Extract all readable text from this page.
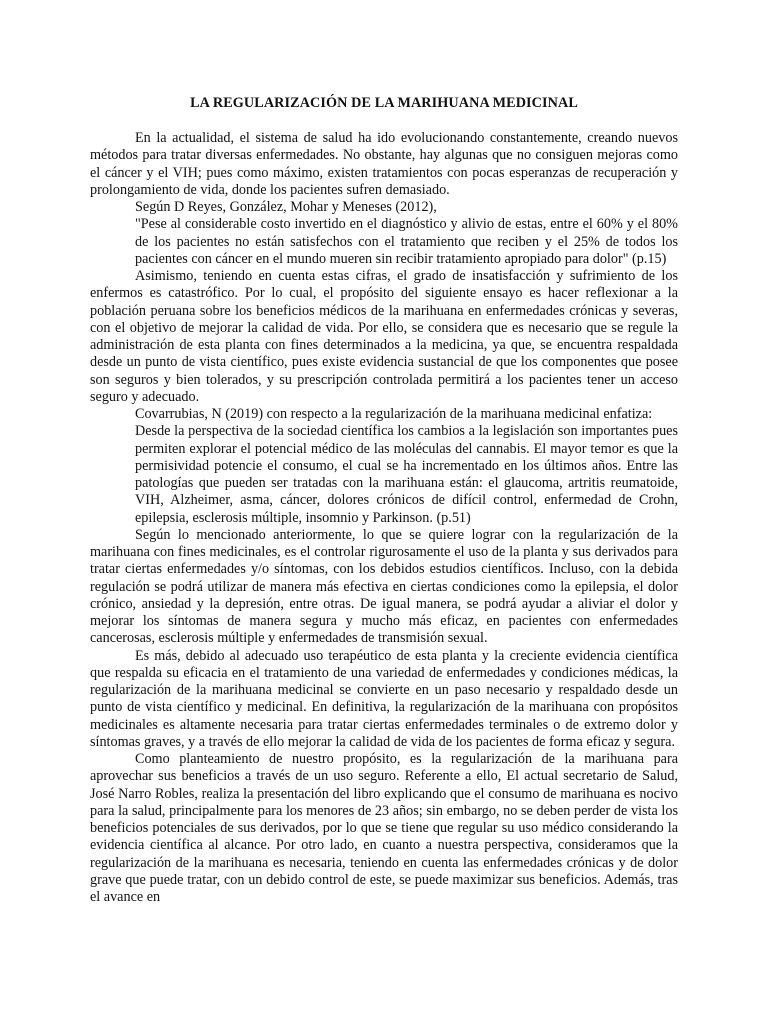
LA REGULARIZACIÓN DE LA MARIHUANA MEDICINAL

En la actualidad, el sistema de salud ha ido evolucionando constantemente, creando nuevos métodos para tratar diversas enfermedades. No obstante, hay algunas que no consiguen mejoras como el cáncer y el VIH; pues como máximo, existen tratamientos con pocas esperanzas de recuperación y prolongamiento de vida, donde los pacientes sufren demasiado.

Según D Reyes, González, Mohar y Meneses (2012),

"Pese al considerable costo invertido en el diagnóstico y alivio de estas, entre el 60% y el 80% de los pacientes no están satisfechos con el tratamiento que reciben y el 25% de todos los pacientes con cáncer en el mundo mueren sin recibir tratamiento apropiado para dolor" (p.15)

Asimismo, teniendo en cuenta estas cifras, el grado de insatisfacción y sufrimiento de los enfermos es catastrófico. Por lo cual, el propósito del siguiente ensayo es hacer reflexionar a la población peruana sobre los beneficios médicos de la marihuana en enfermedades crónicas y severas, con el objetivo de mejorar la calidad de vida. Por ello, se considera que es necesario que se regule la administración de esta planta con fines determinados a la medicina, ya que, se encuentra respaldada desde un punto de vista científico, pues existe evidencia sustancial de que los componentes que posee son seguros y bien tolerados, y su prescripción controlada permitirá a los pacientes tener un acceso seguro y adecuado.

Covarrubias, N (2019) con respecto a la regularización de la marihuana medicinal enfatiza:

Desde la perspectiva de la sociedad científica los cambios a la legislación son importantes pues permiten explorar el potencial médico de las moléculas del cannabis. El mayor temor es que la permisividad potencie el consumo, el cual se ha incrementado en los últimos años. Entre las patologías que pueden ser tratadas con la marihuana están: el glaucoma, artritis reumatoide, VIH, Alzheimer, asma, cáncer, dolores crónicos de difícil control, enfermedad de Crohn, epilepsia, esclerosis múltiple, insomnio y Parkinson. (p.51)

Según lo mencionado anteriormente, lo que se quiere lograr con la regularización de la marihuana con fines medicinales, es el controlar rigurosamente el uso de la planta y sus derivados para tratar ciertas enfermedades y/o síntomas, con los debidos estudios científicos. Incluso, con la debida regulación se podrá utilizar de manera más efectiva en ciertas condiciones como la epilepsia, el dolor crónico, ansiedad y la depresión, entre otras. De igual manera, se podrá ayudar a aliviar el dolor y mejorar los síntomas de manera segura y mucho más eficaz, en pacientes con enfermedades cancerosas, esclerosis múltiple y enfermedades de transmisión sexual.

Es más, debido al adecuado uso terapéutico de esta planta y la creciente evidencia científica que respalda su eficacia en el tratamiento de una variedad de enfermedades y condiciones médicas, la regularización de la marihuana medicinal se convierte en un paso necesario y respaldado desde un punto de vista científico y medicinal. En definitiva, la regularización de la marihuana con propósitos medicinales es altamente necesaria para tratar ciertas enfermedades terminales o de extremo dolor y síntomas graves, y a través de ello mejorar la calidad de vida de los pacientes de forma eficaz y segura.

Como planteamiento de nuestro propósito, es la regularización de la marihuana para aprovechar sus beneficios a través de un uso seguro. Referente a ello, El actual secretario de Salud, José Narro Robles, realiza la presentación del libro explicando que el consumo de marihuana es nocivo para la salud, principalmente para los menores de 23 años; sin embargo, no se deben perder de vista los beneficios potenciales de sus derivados, por lo que se tiene que regular su uso médico considerando la evidencia científica al alcance. Por otro lado, en cuanto a nuestra perspectiva, consideramos que la regularización de la marihuana es necesaria, teniendo en cuenta las enfermedades crónicas y de dolor grave que puede tratar, con un debido control de este, se puede maximizar sus beneficios. Además, tras el avance en
